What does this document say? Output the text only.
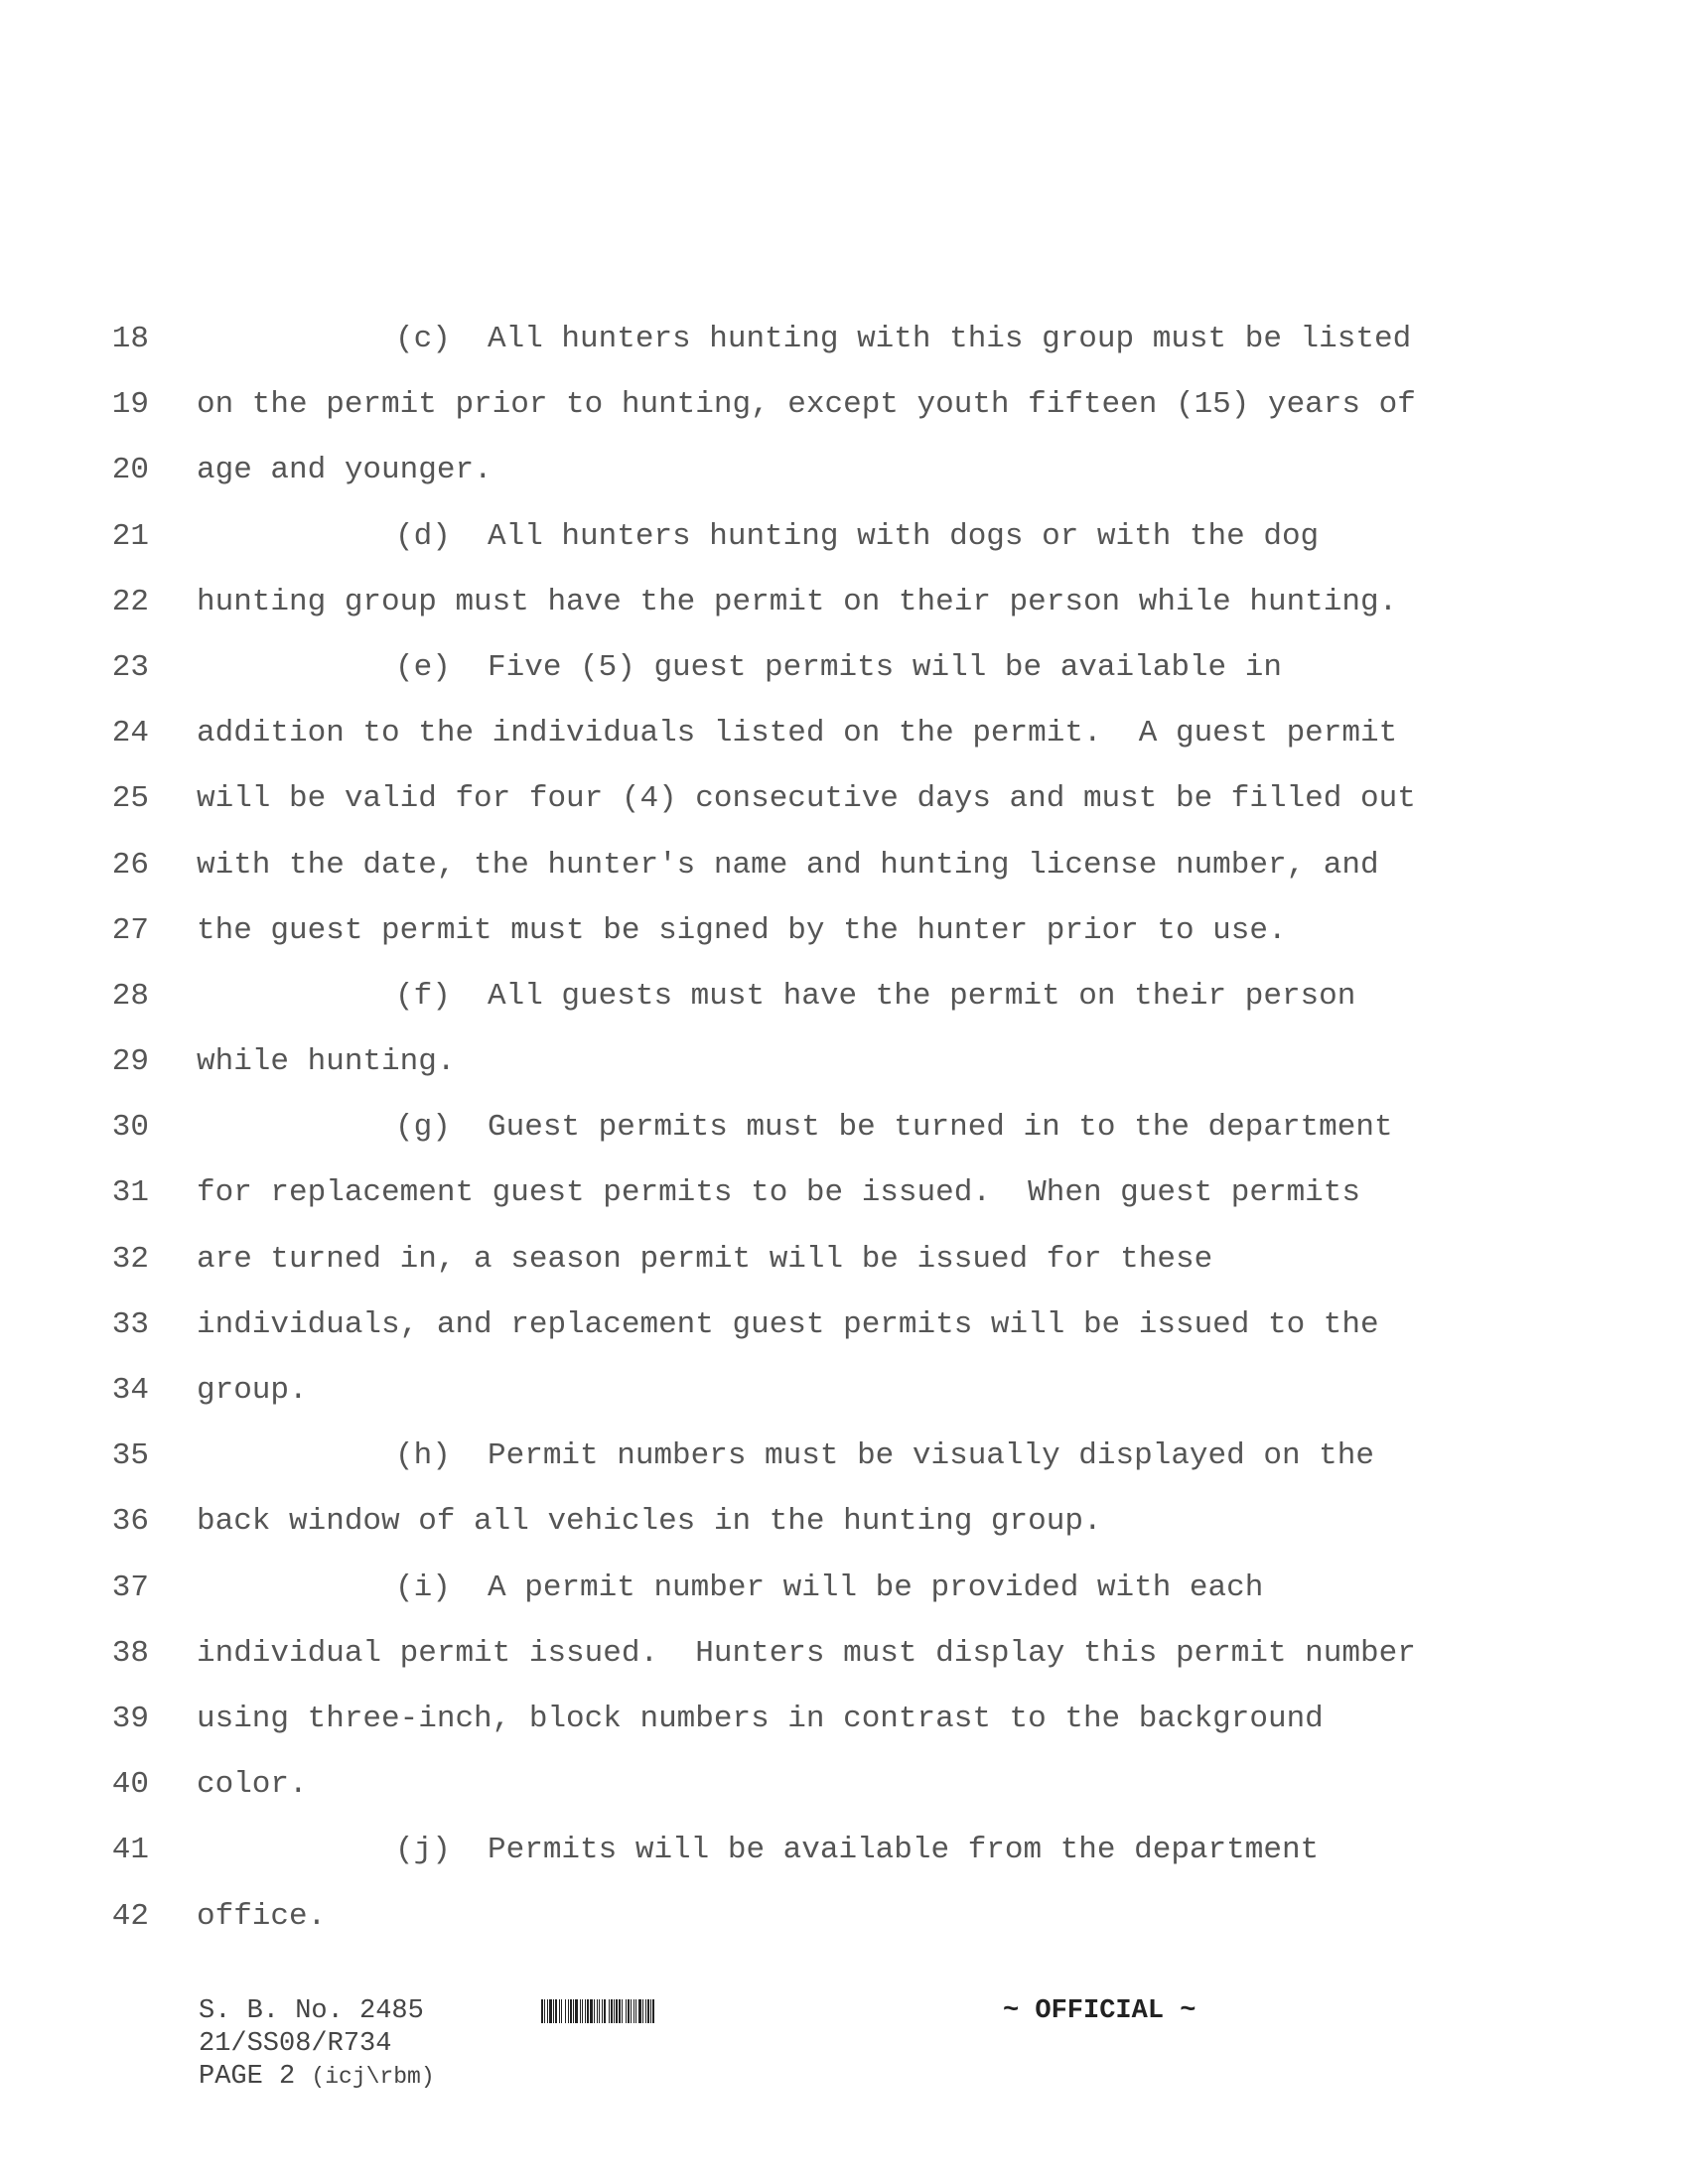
18	(c)  All hunters hunting with this group must be listed
19 on the permit prior to hunting, except youth fifteen (15) years of
20 age and younger.
21	(d)  All hunters hunting with dogs or with the dog
22 hunting group must have the permit on their person while hunting.
23	(e)  Five (5) guest permits will be available in
24 addition to the individuals listed on the permit.  A guest permit
25 will be valid for four (4) consecutive days and must be filled out
26 with the date, the hunter's name and hunting license number, and
27 the guest permit must be signed by the hunter prior to use.
28	(f)  All guests must have the permit on their person
29 while hunting.
30	(g)  Guest permits must be turned in to the department
31 for replacement guest permits to be issued.  When guest permits
32 are turned in, a season permit will be issued for these
33 individuals, and replacement guest permits will be issued to the
34 group.
35	(h)  Permit numbers must be visually displayed on the
36 back window of all vehicles in the hunting group.
37	(i)  A permit number will be provided with each
38 individual permit issued.  Hunters must display this permit number
39 using three-inch, block numbers in contrast to the background
40 color.
41	(j)  Permits will be available from the department
42 office.
S. B. No. 2485
21/SS08/R734
PAGE 2 (icj\rbm)
~ OFFICIAL ~
